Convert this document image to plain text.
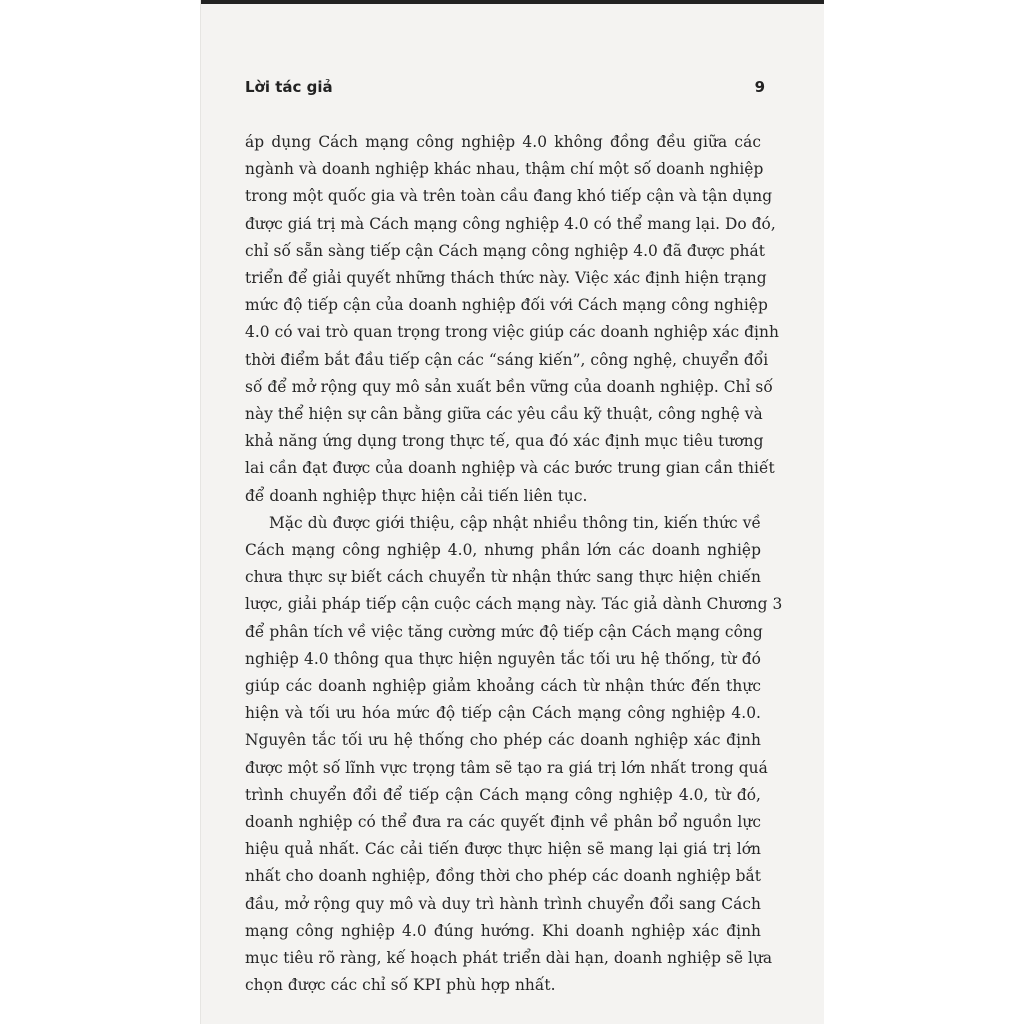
Lời tác giả	9

áp dụng Cách mạng công nghiệp 4.0 không đồng đều giữa các
ngành và doanh nghiệp khác nhau, thậm chí một số doanh nghiệp
trong một quốc gia và trên toàn cầu đang khó tiếp cận và tận dụng
được giá trị mà Cách mạng công nghiệp 4.0 có thể mang lại. Do đó,
chỉ số sẵn sàng tiếp cận Cách mạng công nghiệp 4.0 đã được phát
triển để giải quyết những thách thức này. Việc xác định hiện trạng
mức độ tiếp cận của doanh nghiệp đối với Cách mạng công nghiệp
4.0 có vai trò quan trọng trong việc giúp các doanh nghiệp xác định
thời điểm bắt đầu tiếp cận các “sáng kiến”, công nghệ, chuyển đổi
số để mở rộng quy mô sản xuất bền vững của doanh nghiệp. Chỉ số
này thể hiện sự cân bằng giữa các yêu cầu kỹ thuật, công nghệ và
khả năng ứng dụng trong thực tế, qua đó xác định mục tiêu tương
lai cần đạt được của doanh nghiệp và các bước trung gian cần thiết
để doanh nghiệp thực hiện cải tiến liên tục.

Mặc dù được giới thiệu, cập nhật nhiều thông tin, kiến thức về
Cách mạng công nghiệp 4.0, nhưng phần lớn các doanh nghiệp
chưa thực sự biết cách chuyển từ nhận thức sang thực hiện chiến
lược, giải pháp tiếp cận cuộc cách mạng này. Tác giả dành Chương 3
để phân tích về việc tăng cường mức độ tiếp cận Cách mạng công
nghiệp 4.0 thông qua thực hiện nguyên tắc tối ưu hệ thống, từ đó
giúp các doanh nghiệp giảm khoảng cách từ nhận thức đến thực
hiện và tối ưu hóa mức độ tiếp cận Cách mạng công nghiệp 4.0.
Nguyên tắc tối ưu hệ thống cho phép các doanh nghiệp xác định
được một số lĩnh vực trọng tâm sẽ tạo ra giá trị lớn nhất trong quá
trình chuyển đổi để tiếp cận Cách mạng công nghiệp 4.0, từ đó,
doanh nghiệp có thể đưa ra các quyết định về phân bổ nguồn lực
hiệu quả nhất. Các cải tiến được thực hiện sẽ mang lại giá trị lớn
nhất cho doanh nghiệp, đồng thời cho phép các doanh nghiệp bắt
đầu, mở rộng quy mô và duy trì hành trình chuyển đổi sang Cách
mạng công nghiệp 4.0 đúng hướng. Khi doanh nghiệp xác định
mục tiêu rõ ràng, kế hoạch phát triển dài hạn, doanh nghiệp sẽ lựa
chọn được các chỉ số KPI phù hợp nhất.
